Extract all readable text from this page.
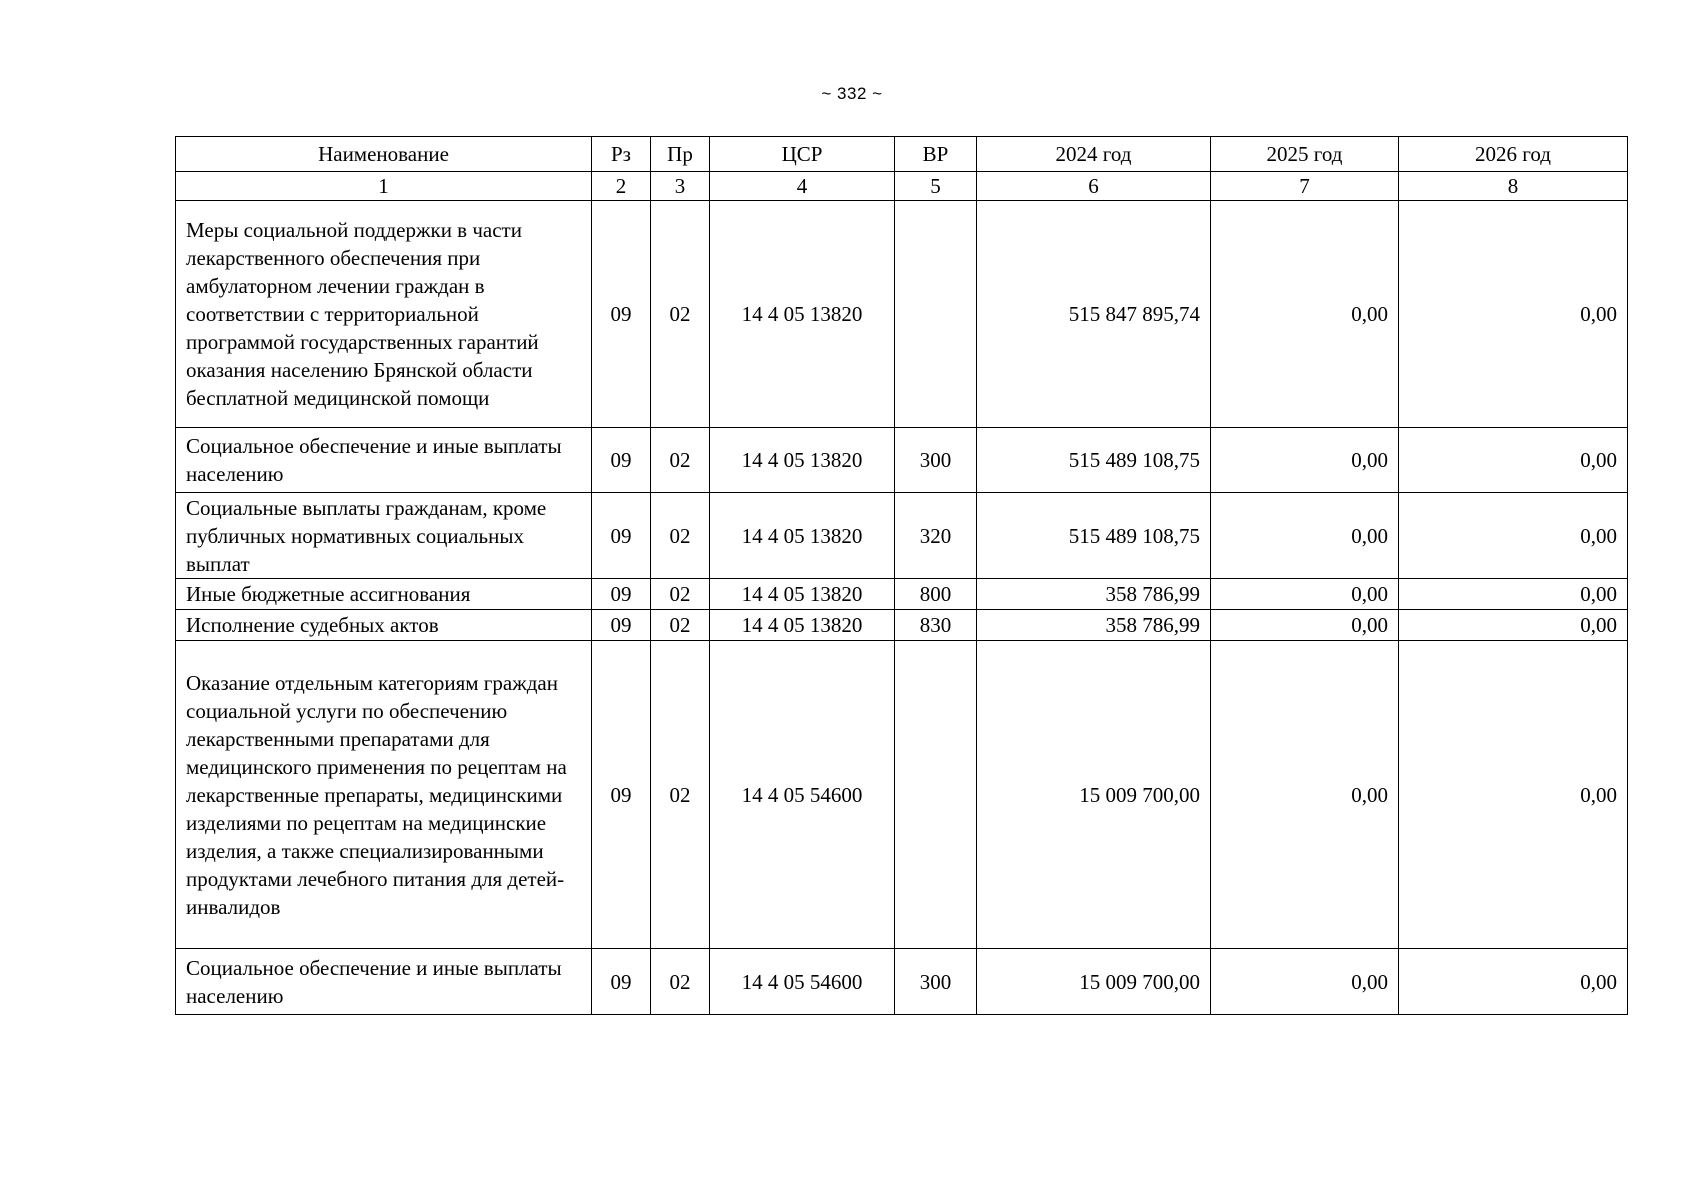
~ 332 ~
Наименование	Рз	Пр	ЦСР	ВР	2024 год	2025 год	2026 год
1	2	3	4	5	6	7	8
Меры социальной поддержки в части лекарственного обеспечения при амбулаторном лечении граждан в соответствии с территориальной программой государственных гарантий оказания населению Брянской области бесплатной медицинской помощи	09	02	14 4 05 13820		515 847 895,74	0,00	0,00
Социальное обеспечение и иные выплаты населению	09	02	14 4 05 13820	300	515 489 108,75	0,00	0,00
Социальные выплаты гражданам, кроме публичных нормативных социальных выплат	09	02	14 4 05 13820	320	515 489 108,75	0,00	0,00
Иные бюджетные ассигнования	09	02	14 4 05 13820	800	358 786,99	0,00	0,00
Исполнение судебных актов	09	02	14 4 05 13820	830	358 786,99	0,00	0,00
Оказание отдельным категориям граждан социальной услуги по обеспечению лекарственными препаратами для медицинского применения по рецептам на лекарственные препараты, медицинскими изделиями по рецептам на медицинские изделия, а также специализированными продуктами лечебного питания для детей-инвалидов	09	02	14 4 05 54600		15 009 700,00	0,00	0,00
Социальное обеспечение и иные выплаты населению	09	02	14 4 05 54600	300	15 009 700,00	0,00	0,00
